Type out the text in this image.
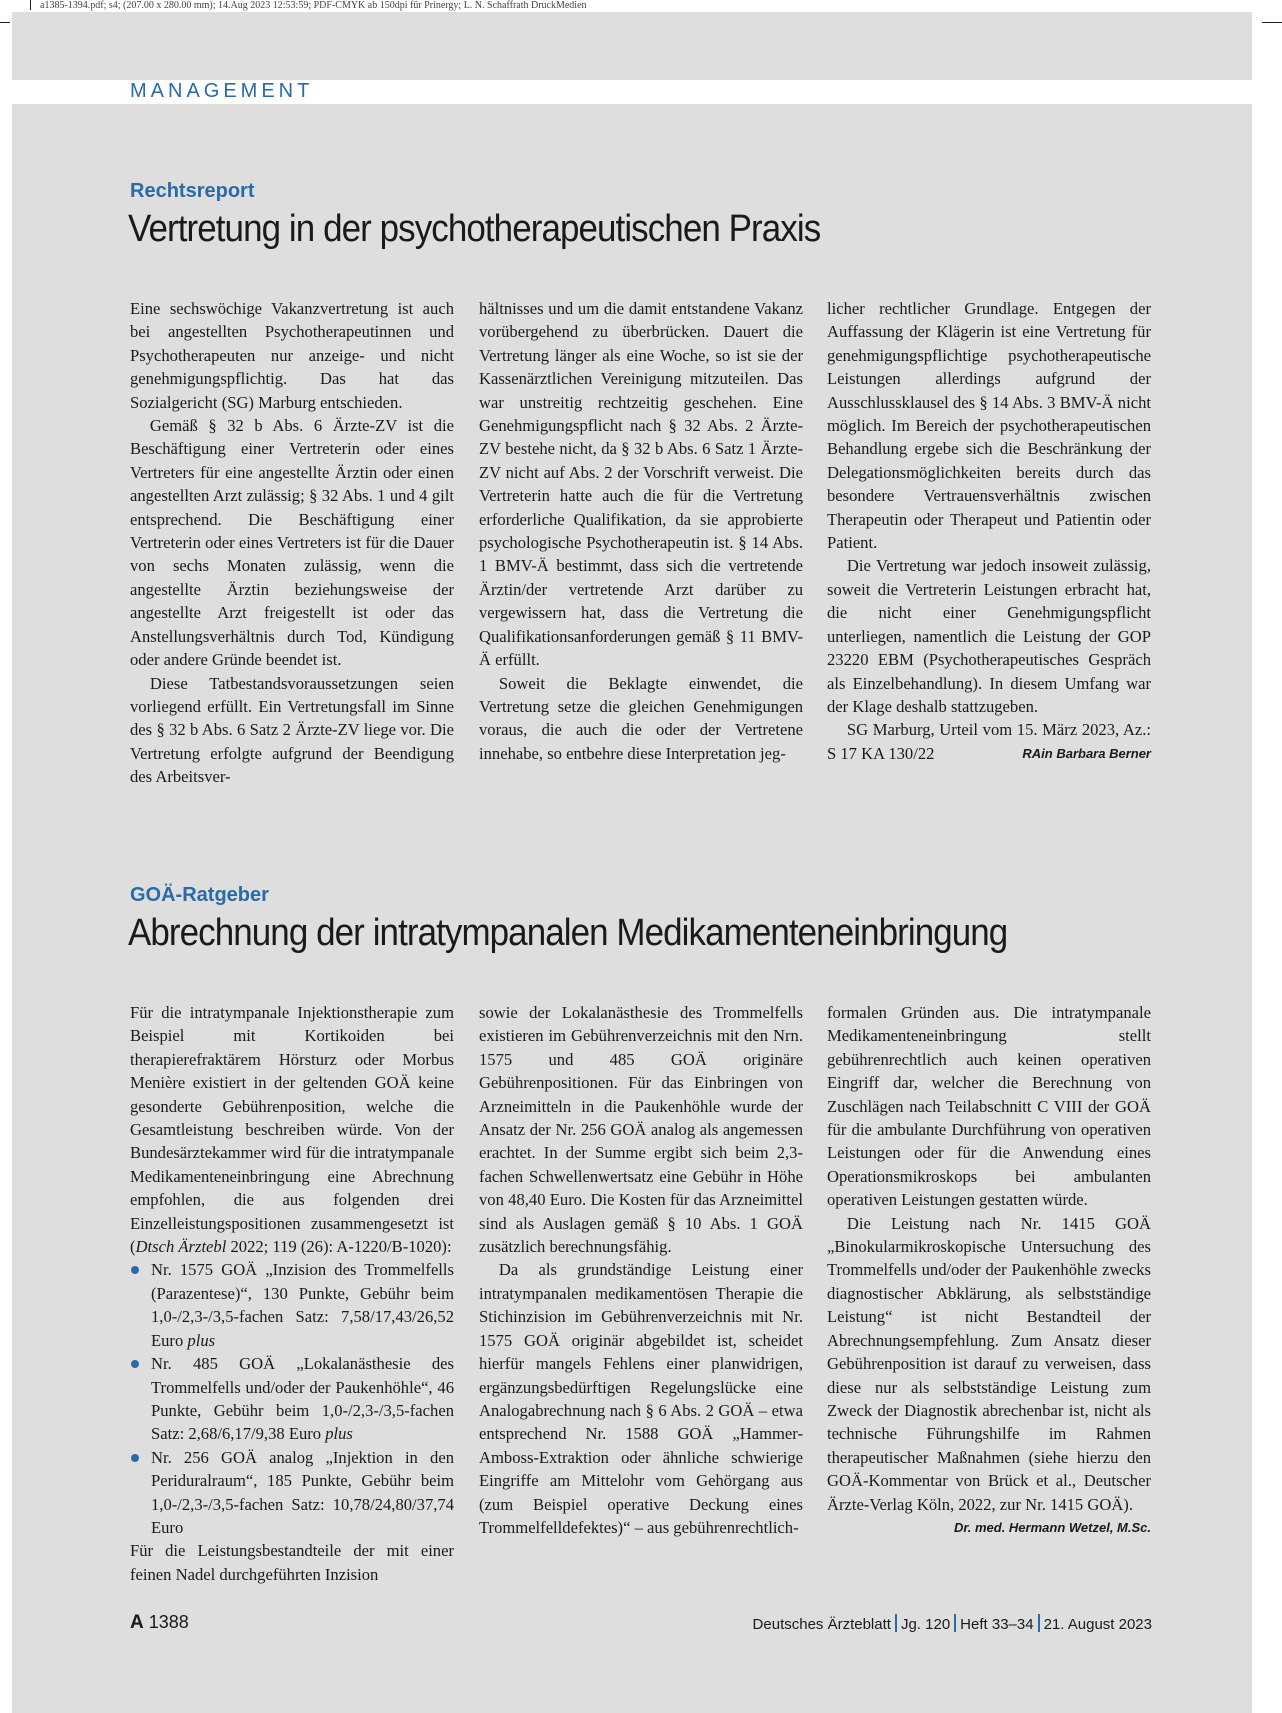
a1385-1394.pdf; s4; (207.00 x 280.00 mm); 14.Aug 2023 12:53:59; PDF-CMYK ab 150dpi für Prinergy; L. N. Schaffrath DruckMedien
MANAGEMENT
Rechtsreport
Vertretung in der psychotherapeutischen Praxis

Eine sechswöchige Vakanzvertretung ist auch bei angestellten Psychotherapeutinnen und Psychotherapeuten nur anzeige- und nicht genehmigungspflichtig. Das hat das Sozialgericht (SG) Marburg entschieden.

Gemäß § 32 b Abs. 6 Ärzte-ZV ist die Beschäftigung einer Vertreterin oder eines Vertreters für eine angestellte Ärztin oder einen angestellten Arzt zulässig; § 32 Abs. 1 und 4 gilt entsprechend. Die Beschäftigung einer Vertreterin oder eines Vertreters ist für die Dauer von sechs Monaten zulässig, wenn die angestellte Ärztin beziehungsweise der angestellte Arzt freigestellt ist oder das Anstellungsverhältnis durch Tod, Kündigung oder andere Gründe beendet ist.

Diese Tatbestandsvoraussetzungen seien vorliegend erfüllt. Ein Vertretungsfall im Sinne des § 32 b Abs. 6 Satz 2 Ärzte-ZV liege vor. Die Vertretung erfolgte aufgrund der Beendigung des Arbeitsver-

hältnisses und um die damit entstandene Vakanz vorübergehend zu überbrücken. Dauert die Vertretung länger als eine Woche, so ist sie der Kassenärztlichen Vereinigung mitzuteilen. Das war unstreitig rechtzeitig geschehen. Eine Genehmigungspflicht nach § 32 Abs. 2 Ärzte-ZV bestehe nicht, da § 32 b Abs. 6 Satz 1 Ärzte-ZV nicht auf Abs. 2 der Vorschrift verweist. Die Vertreterin hatte auch die für die Vertretung erforderliche Qualifikation, da sie approbierte psychologische Psychotherapeutin ist. § 14 Abs. 1 BMV-Ä bestimmt, dass sich die vertretende Ärztin/der vertretende Arzt darüber zu vergewissern hat, dass die Vertretung die Qualifikationsanforderungen gemäß § 11 BMV-Ä erfüllt.

Soweit die Beklagte einwendet, die Vertretung setze die gleichen Genehmigungen voraus, die auch die oder der Vertretene innehabe, so entbehre diese Interpretation jeg-

licher rechtlicher Grundlage. Entgegen der Auffassung der Klägerin ist eine Vertretung für genehmigungspflichtige psychotherapeutische Leistungen allerdings aufgrund der Ausschlussklausel des § 14 Abs. 3 BMV-Ä nicht möglich. Im Bereich der psychotherapeutischen Behandlung ergebe sich die Beschränkung der Delegationsmöglichkeiten bereits durch das besondere Vertrauensverhältnis zwischen Therapeutin oder Therapeut und Patientin oder Patient.

Die Vertretung war jedoch insoweit zulässig, soweit die Vertreterin Leistungen erbracht hat, die nicht einer Genehmigungspflicht unterliegen, namentlich die Leistung der GOP 23220 EBM (Psychotherapeutisches Gespräch als Einzelbehandlung). In diesem Umfang war der Klage deshalb stattzugeben.

SG Marburg, Urteil vom 15. März 2023, Az.: S 17 KA 130/22	RAin Barbara Berner

GOÄ-Ratgeber
Abrechnung der intratympanalen Medikamenteneinbringung

Für die intratympanale Injektionstherapie zum Beispiel mit Kortikoiden bei therapierefraktärem Hörsturz oder Morbus Menière existiert in der geltenden GOÄ keine gesonderte Gebührenposition, welche die Gesamtleistung beschreiben würde. Von der Bundesärztekammer wird für die intratympanale Medikamenteneinbringung eine Abrechnung empfohlen, die aus folgenden drei Einzelleistungspositionen zusammengesetzt ist (Dtsch Ärztebl 2022; 119 (26): A-1220/B-1020):

Nr. 1575 GOÄ „Inzision des Trommelfells (Parazentese)“, 130 Punkte, Gebühr beim 1,0-/2,3-/3,5-fachen Satz: 7,58/17,43/26,52 Euro plus
Nr. 485 GOÄ „Lokalanästhesie des Trommelfells und/oder der Paukenhöhle“, 46 Punkte, Gebühr beim 1,0-/2,3-/3,5-fachen Satz: 2,68/6,17/9,38 Euro plus
Nr. 256 GOÄ analog „Injektion in den Periduralraum“, 185 Punkte, Gebühr beim 1,0-/2,3-/3,5-fachen Satz: 10,78/24,80/37,74 Euro

Für die Leistungsbestandteile der mit einer feinen Nadel durchgeführten Inzision

sowie der Lokalanästhesie des Trommelfells existieren im Gebührenverzeichnis mit den Nrn. 1575 und 485 GOÄ originäre Gebührenpositionen. Für das Einbringen von Arzneimitteln in die Paukenhöhle wurde der Ansatz der Nr. 256 GOÄ analog als angemessen erachtet. In der Summe ergibt sich beim 2,3-fachen Schwellenwertsatz eine Gebühr in Höhe von 48,40 Euro. Die Kosten für das Arzneimittel sind als Auslagen gemäß § 10 Abs. 1 GOÄ zusätzlich berechnungsfähig.

Da als grundständige Leistung einer intratympanalen medikamentösen Therapie die Stichinzision im Gebührenverzeichnis mit Nr. 1575 GOÄ originär abgebildet ist, scheidet hierfür mangels Fehlens einer planwidrigen, ergänzungsbedürftigen Regelungslücke eine Analogabrechnung nach § 6 Abs. 2 GOÄ – etwa entsprechend Nr. 1588 GOÄ „Hammer-Amboss-Extraktion oder ähnliche schwierige Eingriffe am Mittelohr vom Gehörgang aus (zum Beispiel operative Deckung eines Trommelfelldefektes)“ – aus gebührenrechtlich-

formalen Gründen aus. Die intratympanale Medikamenteneinbringung stellt gebührenrechtlich auch keinen operativen Eingriff dar, welcher die Berechnung von Zuschlägen nach Teilabschnitt C VIII der GOÄ für die ambulante Durchführung von operativen Leistungen oder für die Anwendung eines Operationsmikroskops bei ambulanten operativen Leistungen gestatten würde.

Die Leistung nach Nr. 1415 GOÄ „Binokularmikroskopische Untersuchung des Trommelfells und/oder der Paukenhöhle zwecks diagnostischer Abklärung, als selbstständige Leistung“ ist nicht Bestandteil der Abrechnungsempfehlung. Zum Ansatz dieser Gebührenposition ist darauf zu verweisen, dass diese nur als selbstständige Leistung zum Zweck der Diagnostik abrechenbar ist, nicht als technische Führungshilfe im Rahmen therapeutischer Maßnahmen (siehe hierzu den GOÄ-Kommentar von Brück et al., Deutscher Ärzte-Verlag Köln, 2022, zur Nr. 1415 GOÄ).
Dr. med. Hermann Wetzel, M.Sc.

A 1388	Deutsches Ärzteblatt Jg. 120 Heft 33–34 21. August 2023
